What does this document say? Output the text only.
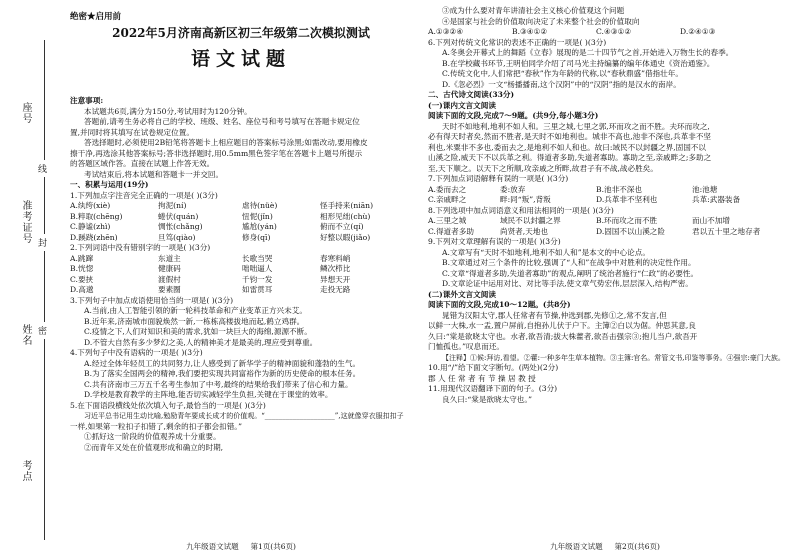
座号
准考证号
姓名
考点
线
封
密
绝密★启用前
2022年5月济南高新区初三年级第二次模拟测试
语文试题
注意事项:
本试题共6页,满分为150分,考试用时为120分钟。
答题前,请考生务必将自己的学校、班级、姓名、座位号和考号填写在答题卡规定位
置,并同时将其填写在试卷规定位置。
答选择题时,必须使用2B铅笔将答题卡上相应题目的答案标号涂黑;如需改动,要用橡皮
擦干净,再选涂其他答案标号;答非选择题时,用0.5mm黑色签字笔在答题卡上题号所提示
的答题区域作答。直接在试题上作答无效。
考试结束后,将本试题和答题卡一并交回。
一、积累与运用(19分)
1.下列加点字注音完全正确的一项是( )(3分)
A.纨绔(xiè)	拘泥(ní)	虐待(nüè)	怪手持来(niān)
B.粹取(chēng)	蜷伏(quán)	忸怩(jǐn)	相形见绌(chù)
C.静谧(zhì)	惆怅(chǎng)	尴尬(yán)	俯而不立(qí)
D.蹊跷(zhēn)	旦笃(qiào)	修身(qī)	好整以暇(jiǎo)
2.下列词语中没有错别字的一项是( )(3分)
A.跳蹿	东道主	长歌当哭	春寒料峭
B.恍惚	健康码	咄咄逼人	鳞次栉比
C.要挟	渡假村	千钧一发	异想天开
D.高邈	要素圈	如雷贯耳	走投无路
3.下列句子中加点成语使用恰当的一项是( )(3分)
A.当前,由人工智能引领的新一轮科技革命和产业变革正方兴未艾。
B.近年来,济南城市面貌焕然一新,一栋栋高楼拔地而起,鹤立鸡群。
C.疫情之下,人们对知识和美的需求,犹如一块巨大的海绵,源源不断。
D.不管大自然有多少梦幻之美,人的精神美才是最美的,理应受到尊重。
4.下列句子中没有语病的一项是( )(3分)
A.经过全体年轻员工的共同努力,让人感受到了新华学子的精神面貌和蓬勃的生气。
B.为了落实全国两会的精神,我们要把实现共同富裕作为新的历史使命的根本任务。
C.共有济南市三万五千名考生参加了中考,最终的结果给我们带来了信心和力量。
D.学校是教育教学的主阵地,能否切实减轻学生负担,关键在于课堂的效率。
5.在下面语段横线处依次填入句子,最恰当的一项是( )(3分)
习近平总书记用生动比喻,勉励青年要成长成才的价值观。“____________________”,这就像穿衣服扣扣子
一样,如果第一粒扣子扣错了,剩余的扣子都会扣错。”
①抓好这一阶段的价值观养成十分重要。
②而青年又处在价值观形成和确立的时期,
九年级语文试题 第1页(共6页)
③成为什么要对青年讲清社会主义核心价值观这个问题
④是国家与社会的价值取向决定了未来整个社会的价值取向
A.①③②④	B.③④①②	C.④③①②	D.②④①③
6.下列对传统文化常识的表述不正确的一项是( )(3分)
A.冬奥会开幕式上的舞蹈《立春》展现的是二十四节气之首,开始进入万物生长的春季。
B.在学校藏书环节,王明伯同学介绍了司马光主持编纂的编年体通史《资治通鉴》。
C.传统文化中,人们常把“春秋”作为年龄的代称,以“春秋鼎盛”借指壮年。
D.《忽必烈》一文“杨播播南,这个汉阴”中的“汉阴”指的是汉水的南岸。
二、古代诗文阅读(33分)
(一)课内文言文阅读
阅读下面的文段,完成7～9题。(共9分,每小题3分)
天时不如地利,地利不如人和。三里之城,七里之郭,环而攻之而不胜。夫环而攻之,
必有得天时者矣,然而不胜者,是天时不如地利也。城非不高也,池非不深也,兵革非不坚
利也,米粟非不多也,委而去之,是地利不如人和也。故曰:域民不以封疆之界,固国不以
山溪之险,威天下不以兵革之利。得道者多助,失道者寡助。寡助之至,亲戚畔之;多助之
至,天下顺之。以天下之所顺,攻亲戚之所畔,故君子有不战,战必胜矣。
7.下列加点词语解释有误的一项是( )(3分)
A.委而去之	委:放弃	B.池非不深也	池:池塘
C.亲戚畔之	畔:同“叛”,背叛	D.兵革非不坚利也	兵革:武器装备
8.下列选项中加点词语意义和用法相同的一项是( )(3分)
A.三里之城	域民不以封疆之界	B.环而攻之而不胜	而山不加增
C.得道者多助	尚贤者,天地也	D.固国不以山溪之险	君以五十里之地存者
9.下列对文章理解有误的一项是( )(3分)
A.文章写有“天时不如地利,地利不如人和”是本文的中心论点。
B.文章通过对三个条件的比较,强调了“人和”在战争中对胜利的决定性作用。
C.文章“得道者多助,失道者寡助”的观点,阐明了统治者施行“仁政”的必要性。
D.文章论证中运用对比、对比等手法,使文章气势宏伟,层层深入,结构严密。
(二)课外文言文阅读
阅读下面的文段,完成10～12题。(共8分)
晁错为汉阳太守,郡人任常者有节操,仲选到郡,先修①之,常不发言,但
以鲜一大株,水一盂,置户屏前,自抱孙儿伏于户下。主簿②白以为倨。仲思其意,良
久曰:“棠是欲晓太守也。水者,欲吾清;拔大株藿者,欲吾击强宗③;抱儿当户,欲吾开
门恤孤也。”叹息而还。
【注释】①候:拜访,看望。②藿:一种多年生草本植物。③主簿:官名。常管文书,印鉴等事务。④强宗:豪门大族。
10.用“/”给下面文字断句。(两处)(2分)
郡 人 任 常 者 有 节 操 居 教 授
11.用现代汉语翻译下面的句子。(3分)
良久曰:“棠是欲晓太守也。”
九年级语文试题 第2页(共6页)
